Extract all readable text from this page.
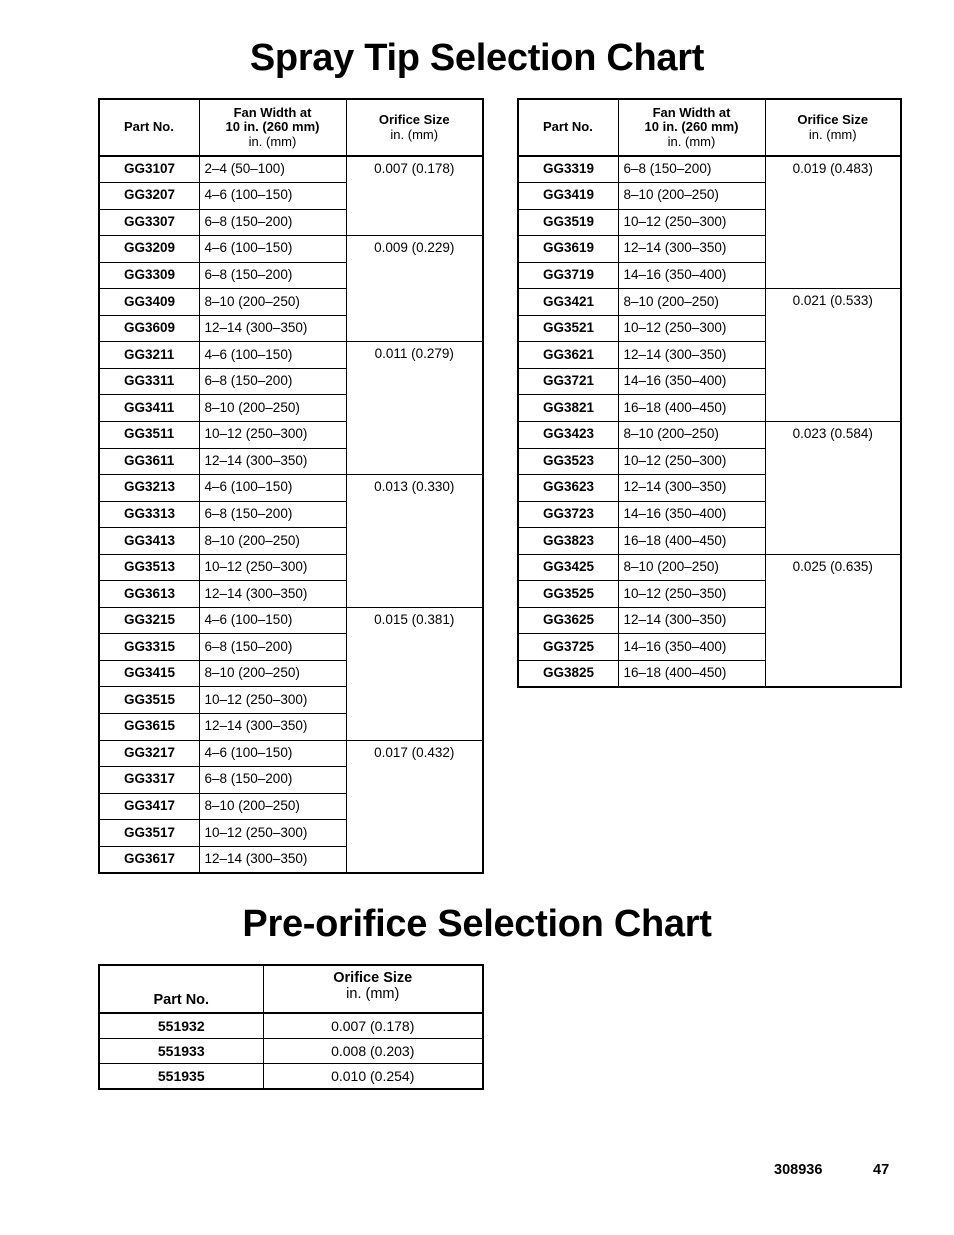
Spray Tip Selection Chart
Part No.	Fan Width at
10 in. (260 mm)
in. (mm)	Orifice Size
in. (mm)

GG3107	2–4 (50–100)	0.007 (0.178)
GG3207	4–6 (100–150)	
GG3307	6–8 (150–200)	
GG3209	4–6 (100–150)	0.009 (0.229)
GG3309	6–8 (150–200)	
GG3409	8–10 (200–250)	
GG3609	12–14 (300–350)	
GG3211	4–6 (100–150)	0.011 (0.279)
GG3311	6–8 (150–200)	
GG3411	8–10 (200–250)	
GG3511	10–12 (250–300)	
GG3611	12–14 (300–350)	
GG3213	4–6 (100–150)	0.013 (0.330)
GG3313	6–8 (150–200)	
GG3413	8–10 (200–250)	
GG3513	10–12 (250–300)	
GG3613	12–14 (300–350)	
GG3215	4–6 (100–150)	0.015 (0.381)
GG3315	6–8 (150–200)	
GG3415	8–10 (200–250)	
GG3515	10–12 (250–300)	
GG3615	12–14 (300–350)	
GG3217	4–6 (100–150)	0.017 (0.432)
GG3317	6–8 (150–200)	
GG3417	8–10 (200–250)	
GG3517	10–12 (250–300)	
GG3617	12–14 (300–350)	
Part No.	Fan Width at
10 in. (260 mm)
in. (mm)	Orifice Size
in. (mm)

GG3319	6–8 (150–200)	0.019 (0.483)
GG3419	8–10 (200–250)	
GG3519	10–12 (250–300)	
GG3619	12–14 (300–350)	
GG3719	14–16 (350–400)	
GG3421	8–10 (200–250)	0.021 (0.533)
GG3521	10–12 (250–300)	
GG3621	12–14 (300–350)	
GG3721	14–16 (350–400)	
GG3821	16–18 (400–450)	
GG3423	8–10 (200–250)	0.023 (0.584)
GG3523	10–12 (250–300)	
GG3623	12–14 (300–350)	
GG3723	14–16 (350–400)	
GG3823	16–18 (400–450)	
GG3425	8–10 (200–250)	0.025 (0.635)
GG3525	10–12 (250–350)	
GG3625	12–14 (300–350)	
GG3725	14–16 (350–400)	
GG3825	16–18 (400–450)	
Pre-orifice Selection Chart
Part No.	Orifice Size
in. (mm)

551932	0.007 (0.178)
551933	0.008 (0.203)
551935	0.010 (0.254)
308936	47
